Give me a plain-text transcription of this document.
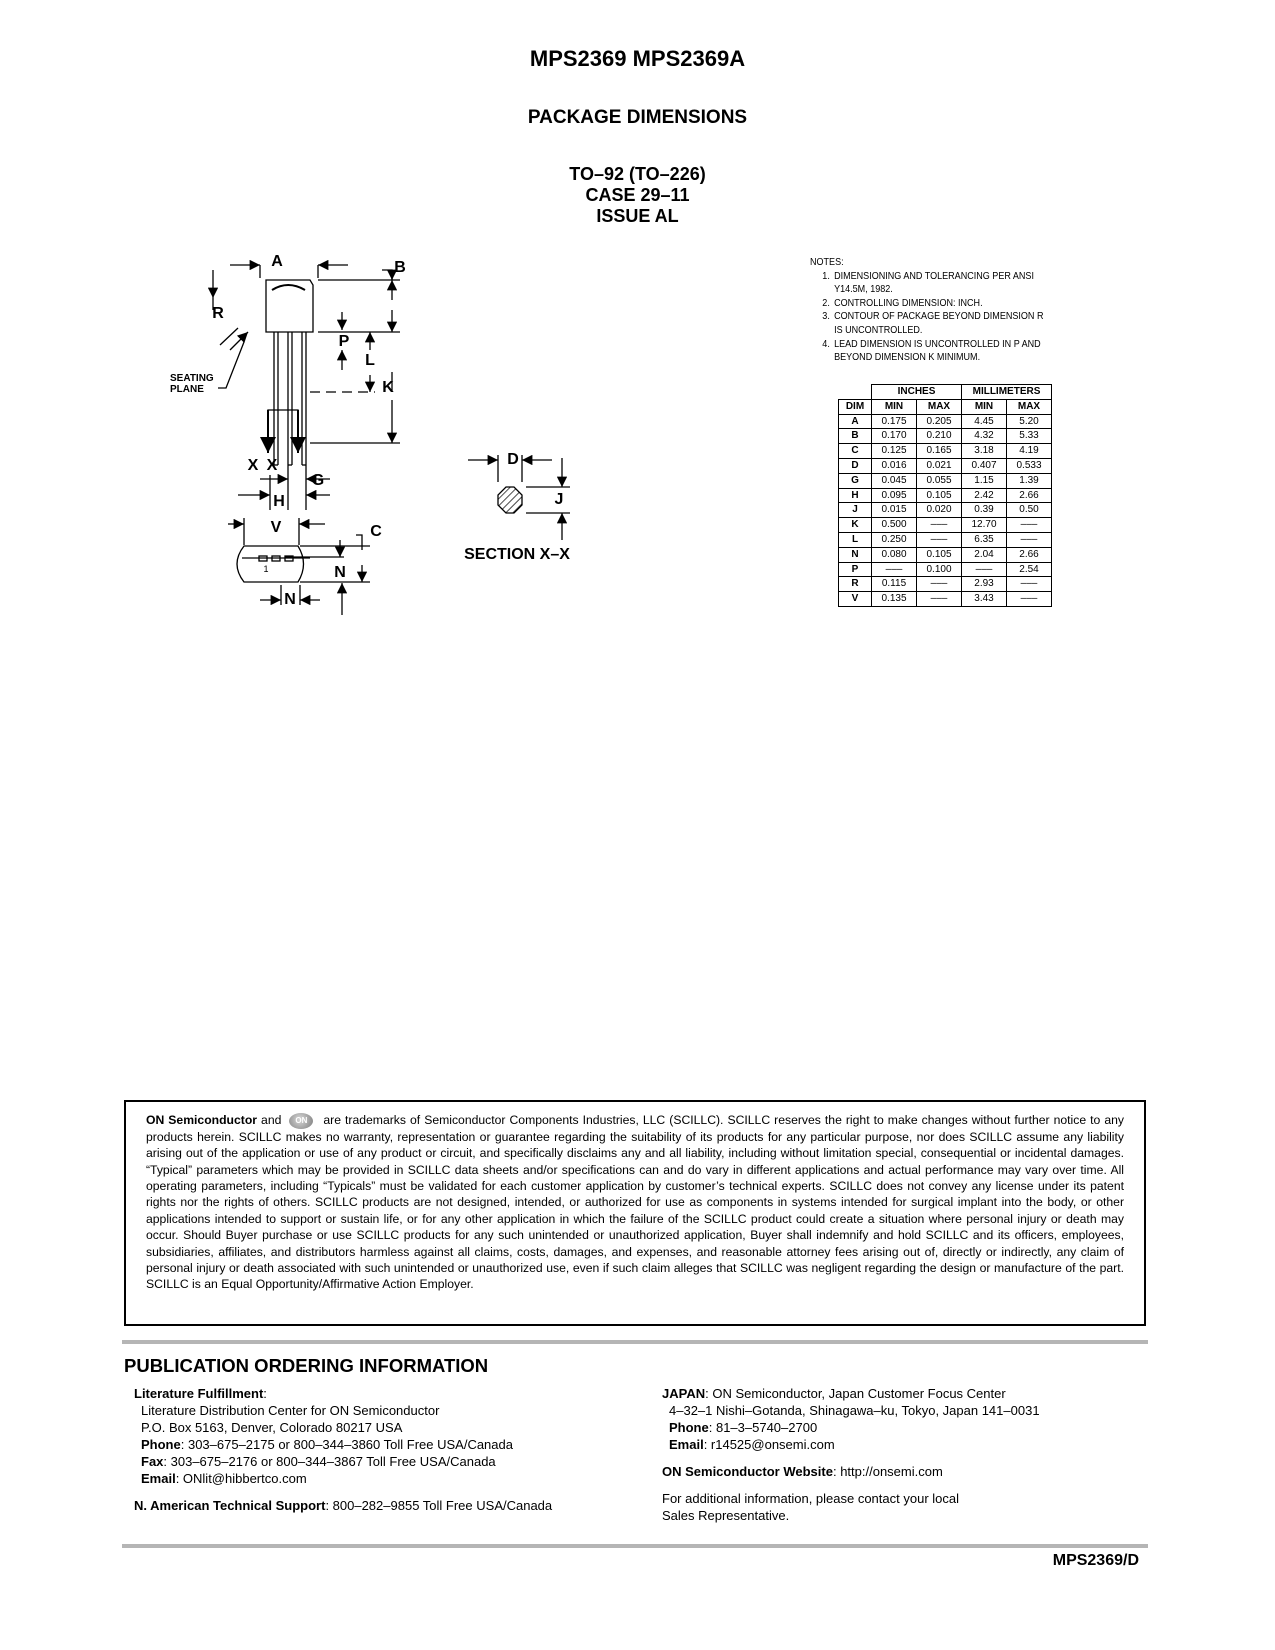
MPS2369 MPS2369A
PACKAGE DIMENSIONS
TO–92 (TO–226)
CASE 29–11
ISSUE AL
A	B
R
P
L
K
X X
G
H
V	C
N
N
D
J
SECTION X–X
1
SEATING
PLANE
NOTES:
1. DIMENSIONING AND TOLERANCING PER ANSI Y14.5M, 1982.
2. CONTROLLING DIMENSION: INCH.
3. CONTOUR OF PACKAGE BEYOND DIMENSION R IS UNCONTROLLED.
4. LEAD DIMENSION IS UNCONTROLLED IN P AND BEYOND DIMENSION K MINIMUM.
	INCHES		MILLIMETERS	
DIM	MIN	MAX	MIN	MAX
A	0.175	0.205	4.45	5.20
B	0.170	0.210	4.32	5.33
C	0.125	0.165	3.18	4.19
D	0.016	0.021	0.407	0.533
G	0.045	0.055	1.15	1.39
H	0.095	0.105	2.42	2.66
J	0.015	0.020	0.39	0.50
K	0.500	–––	12.70	–––
L	0.250	–––	6.35	–––
N	0.080	0.105	2.04	2.66
P	–––	0.100	–––	2.54
R	0.115	–––	2.93	–––
V	0.135	–––	3.43	–––
ON Semiconductor and ON are trademarks of Semiconductor Components Industries, LLC (SCILLC). SCILLC reserves the right to make changes without further notice to any products herein. SCILLC makes no warranty, representation or guarantee regarding the suitability of its products for any particular purpose, nor does SCILLC assume any liability arising out of the application or use of any product or circuit, and specifically disclaims any and all liability, including without limitation special, consequential or incidental damages. “Typical” parameters which may be provided in SCILLC data sheets and/or specifications can and do vary in different applications and actual performance may vary over time. All operating parameters, including “Typicals” must be validated for each customer application by customer’s technical experts. SCILLC does not convey any license under its patent rights nor the rights of others. SCILLC products are not designed, intended, or authorized for use as components in systems intended for surgical implant into the body, or other applications intended to support or sustain life, or for any other application in which the failure of the SCILLC product could create a situation where personal injury or death may occur. Should Buyer purchase or use SCILLC products for any such unintended or unauthorized application, Buyer shall indemnify and hold SCILLC and its officers, employees, subsidiaries, affiliates, and distributors harmless against all claims, costs, damages, and expenses, and reasonable attorney fees arising out of, directly or indirectly, any claim of personal injury or death associated with such unintended or unauthorized use, even if such claim alleges that SCILLC was negligent regarding the design or manufacture of the part. SCILLC is an Equal Opportunity/Affirmative Action Employer.
PUBLICATION ORDERING INFORMATION
Literature Fulfillment:
Literature Distribution Center for ON Semiconductor
P.O. Box 5163, Denver, Colorado 80217 USA
Phone: 303–675–2175 or 800–344–3860 Toll Free USA/Canada
Fax: 303–675–2176 or 800–344–3867 Toll Free USA/Canada
Email: ONlit@hibbertco.com
N. American Technical Support: 800–282–9855 Toll Free USA/Canada
JAPAN: ON Semiconductor, Japan Customer Focus Center
4–32–1 Nishi–Gotanda, Shinagawa–ku, Tokyo, Japan 141–0031
Phone: 81–3–5740–2700
Email: r14525@onsemi.com
ON Semiconductor Website: http://onsemi.com
For additional information, please contact your local
Sales Representative.
MPS2369/D
